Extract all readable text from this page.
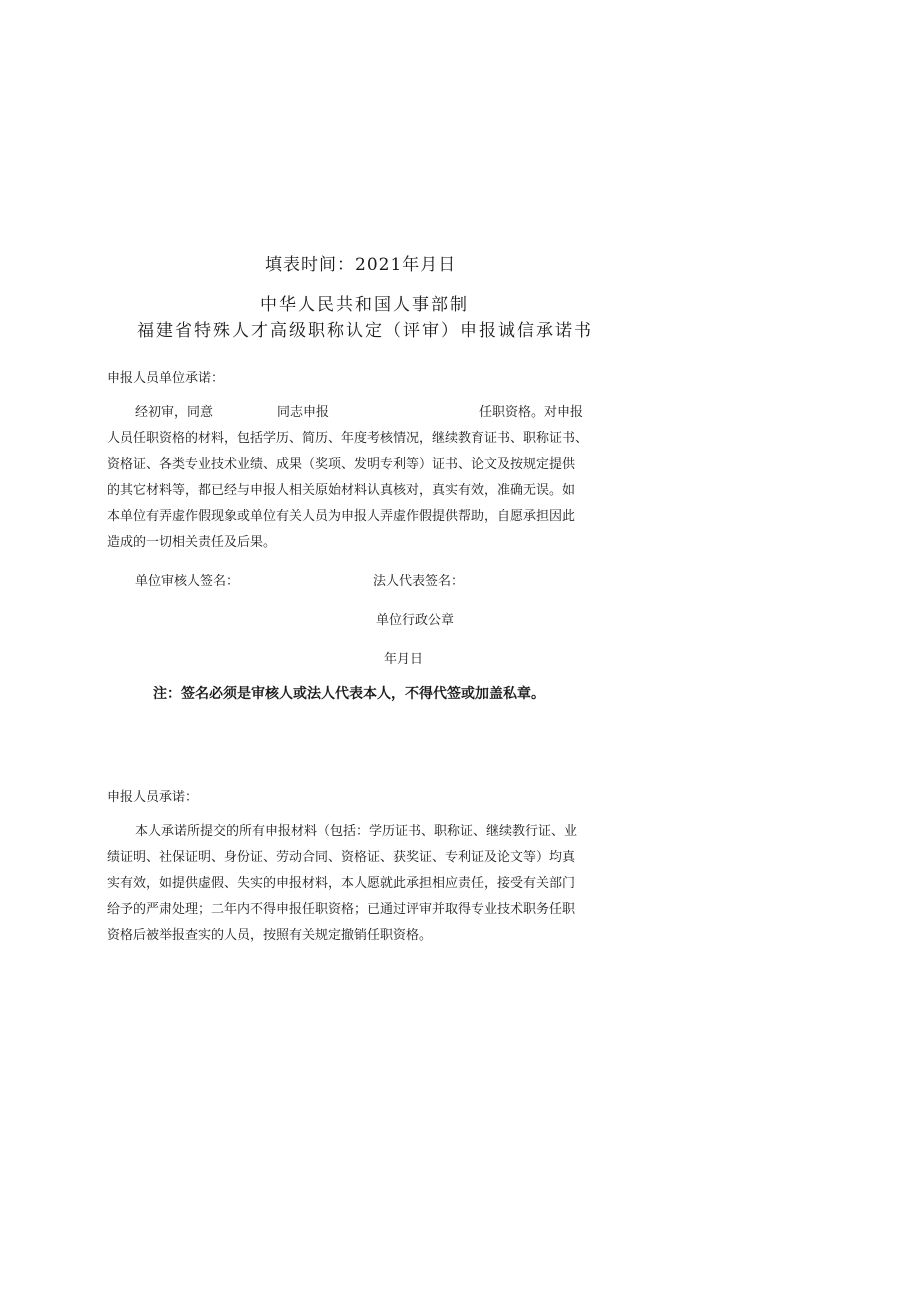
填表时间：2021年月日
中华人民共和国人事部制
福建省特殊人才高级职称认定（评审）申报诚信承诺书
申报人员单位承诺：
经初审，同意	同志申报	任职资格。对申报
人员任职资格的材料，包括学历、简历、年度考核情况，继续教育证书、职称证书、
资格证、各类专业技术业绩、成果（奖项、发明专利等）证书、论文及按规定提供
的其它材料等，都已经与申报人相关原始材料认真核对，真实有效，准确无误。如
本单位有弄虚作假现象或单位有关人员为申报人弄虚作假提供帮助，自愿承担因此
造成的一切相关责任及后果。
单位审核人签名：	法人代表签名：
单位行政公章
年月日
注：签名必须是审核人或法人代表本人，不得代签或加盖私章。
申报人员承诺：
本人承诺所提交的所有申报材料（包括：学历证书、职称证、继续教行证、业
绩证明、社保证明、身份证、劳动合同、资格证、获奖证、专利证及论文等）均真
实有效，如提供虚假、失实的申报材料，本人愿就此承担相应责任，接受有关部门
给予的严肃处理；二年内不得申报任职资格；已通过评审并取得专业技术职务任职
资格后被举报查实的人员，按照有关规定撤销任职资格。
